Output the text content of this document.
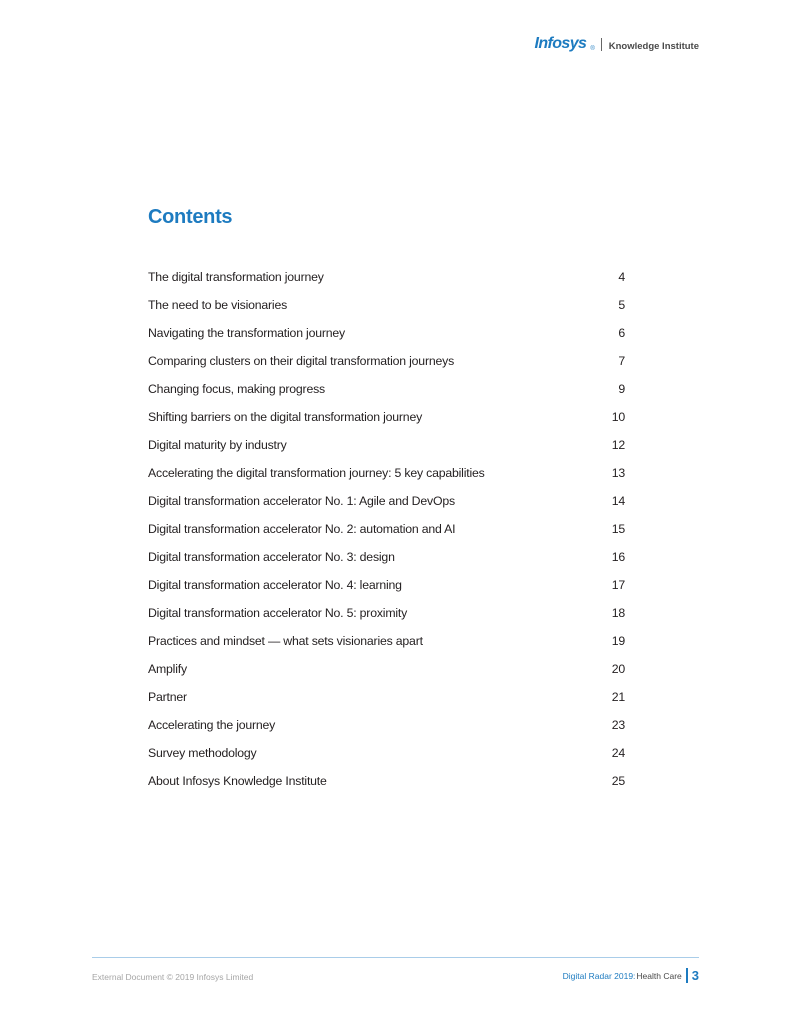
Infosys ® Knowledge Institute
Contents
The digital transformation journey	4
The need to be visionaries	5
Navigating the transformation journey	6
Comparing clusters on their digital transformation journeys	7
Changing focus, making progress	9
Shifting barriers on the digital transformation journey	10
Digital maturity by industry	12
Accelerating the digital transformation journey: 5 key capabilities	13
Digital transformation accelerator No. 1: Agile and DevOps	14
Digital transformation accelerator No. 2: automation and AI	15
Digital transformation accelerator No. 3: design	16
Digital transformation accelerator No. 4: learning	17
Digital transformation accelerator No. 5: proximity	18
Practices and mindset — what sets visionaries apart	19
Amplify	20
Partner	21
Accelerating the journey	23
Survey methodology	24
About Infosys Knowledge Institute	25
External Document © 2019 Infosys Limited	Digital Radar 2019: Health Care 3
